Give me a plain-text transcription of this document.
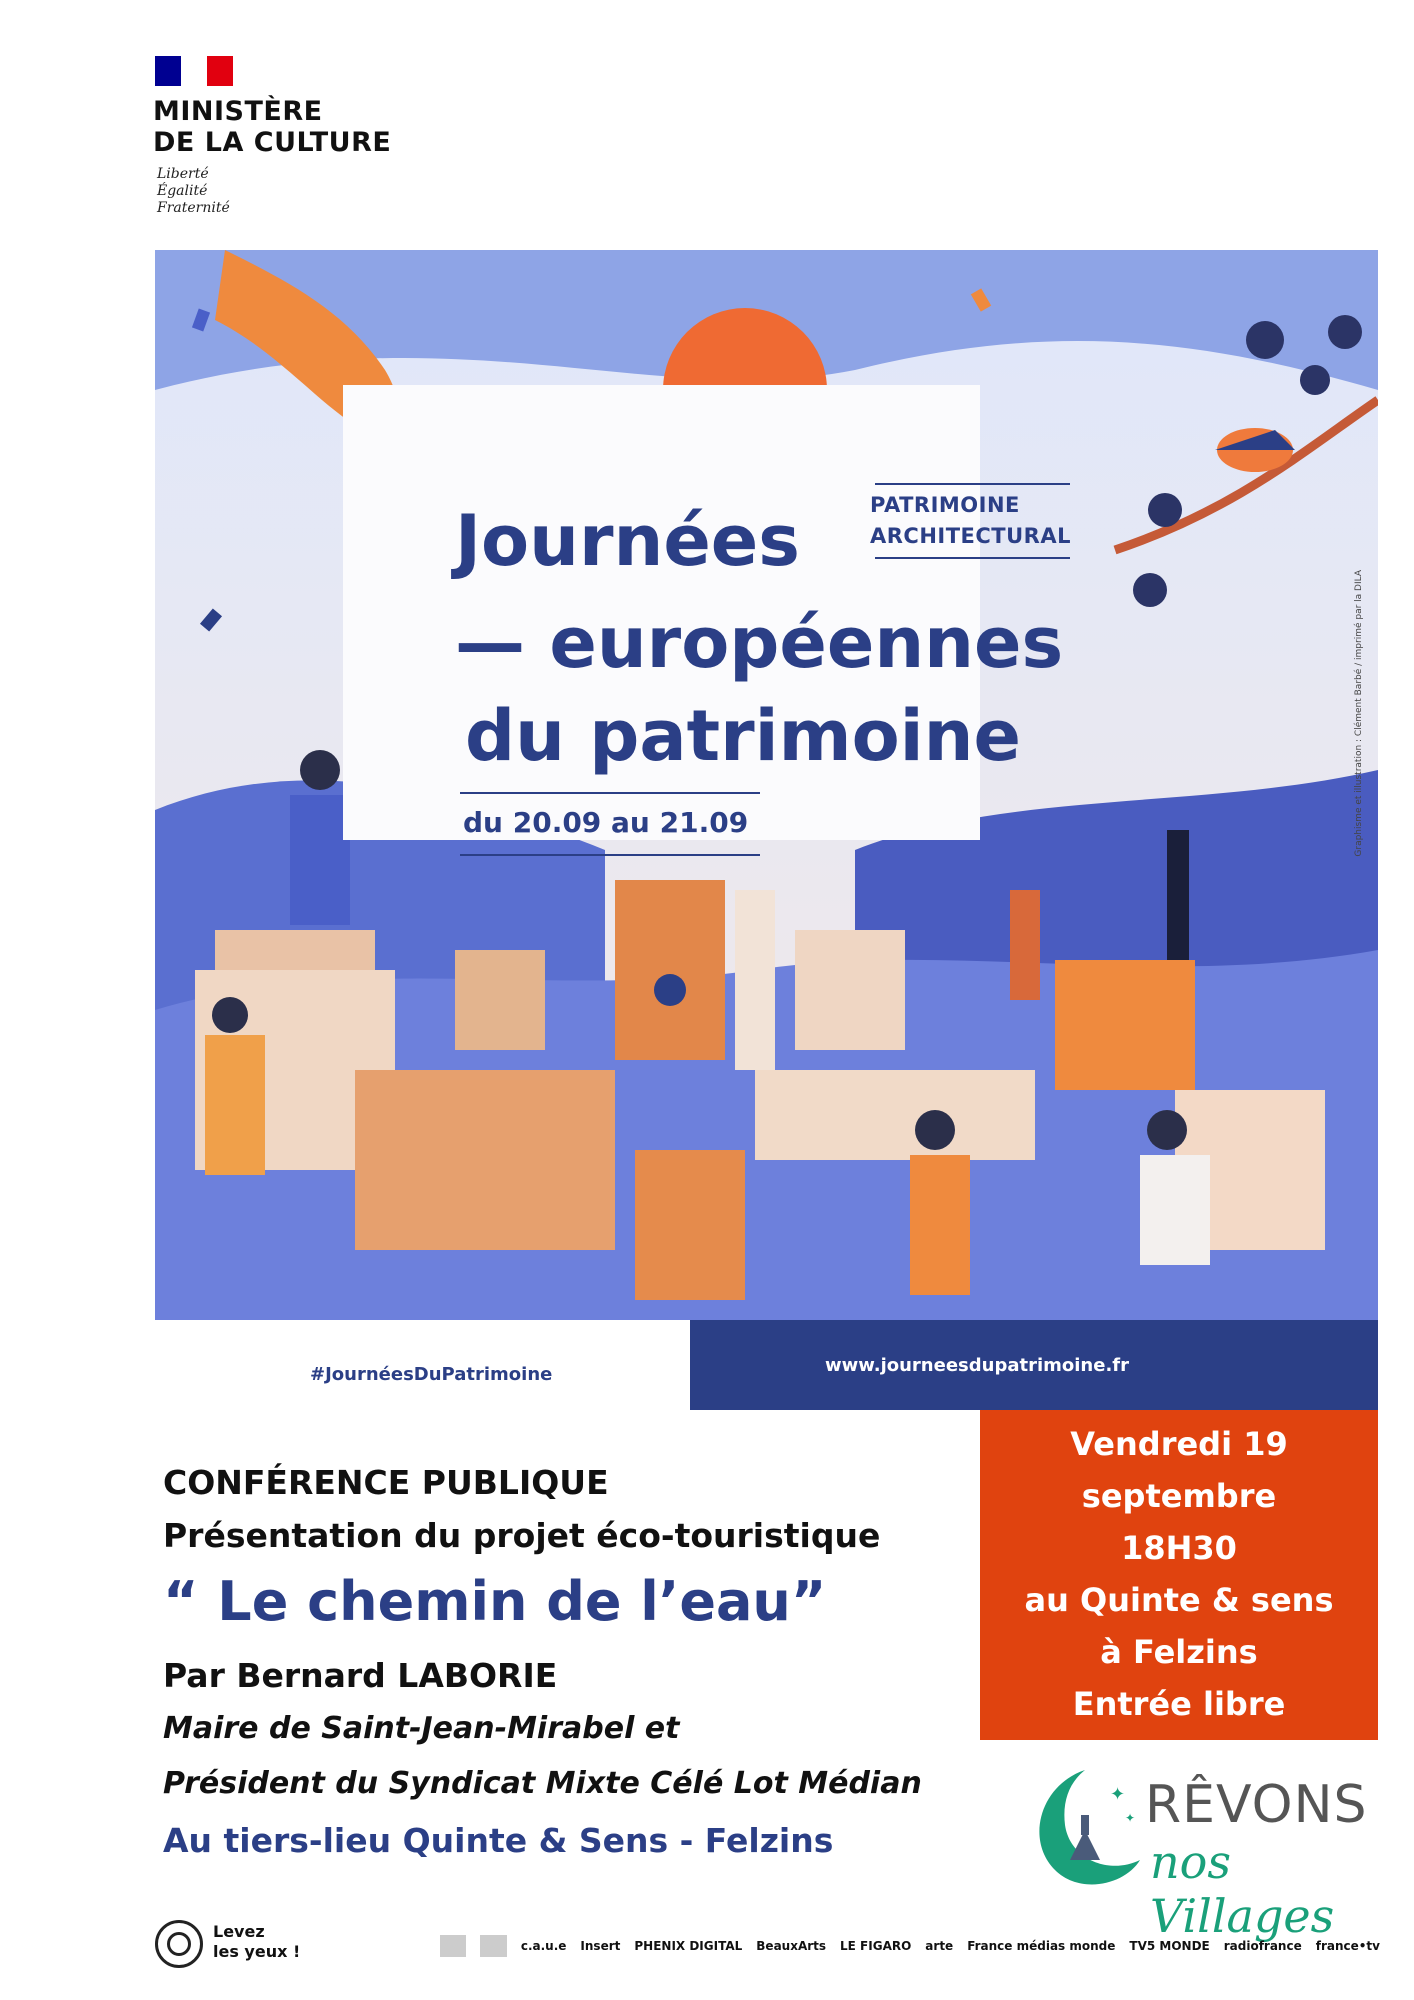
MINISTÈRE
DE LA CULTURE
Liberté
Égalité
Fraternité
PATRIMOINE
ARCHITECTURAL
Journées
— européennes
du patrimoine
du 20.09 au 21.09	Graphisme et illustration : Clément Barbé / imprimé par la DILA
#JournéesDuPatrimoine	www.journeesdupatrimoine.fr
CONFÉRENCE PUBLIQUE
Présentation du projet éco-touristique
“ Le chemin de l’eau”
Par Bernard LABORIE
Maire de Saint-Jean-Mirabel et
Président du Syndicat Mixte Célé Lot Médian
Au tiers-lieu Quinte & Sens - Felzins
Vendredi 19
septembre
18H30
au Quinte & sens
à Felzins
Entrée libre
✦
✦ RÊVONS
nos Villages
Levez
les yeux !	c.a.u.e Insert PHENIX DIGITAL BeauxArts LE FIGARO arte France médias monde TV5 MONDE radiofrance france•tv
